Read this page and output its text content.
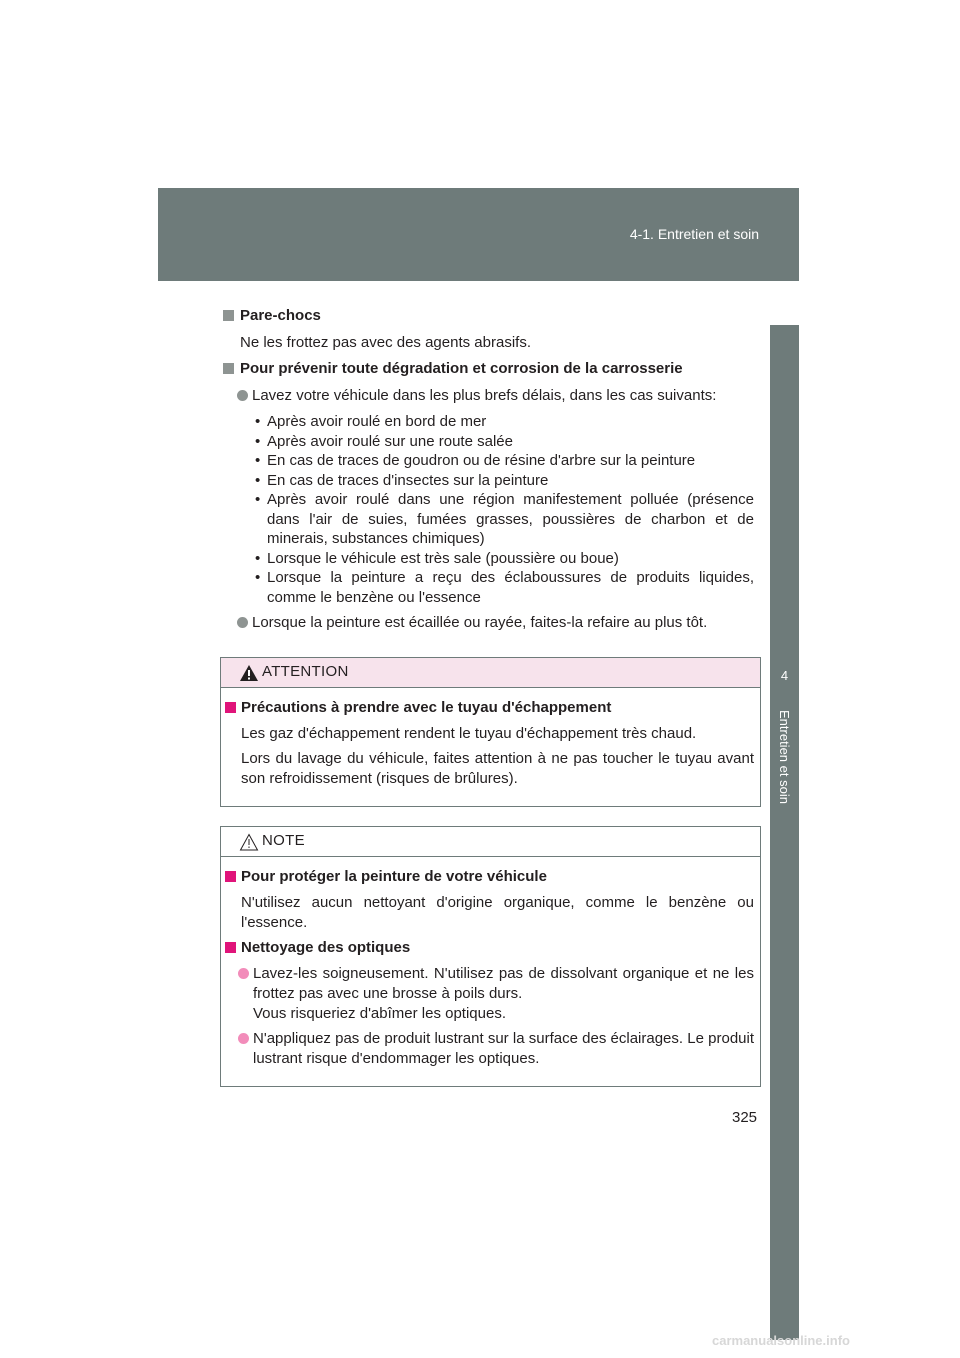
4-1. Entretien et soin
4
Entretien et soin
Pare-chocs
Ne les frottez pas avec des agents abrasifs.
Pour prévenir toute dégradation et corrosion de la carrosserie
Lavez votre véhicule dans les plus brefs délais, dans les cas suivants:
• Après avoir roulé en bord de mer
• Après avoir roulé sur une route salée
• En cas de traces de goudron ou de résine d'arbre sur la peinture
• En cas de traces d'insectes sur la peinture
• Après avoir roulé dans une région manifestement polluée (présence dans l'air de suies, fumées grasses, poussières de charbon et de minerais, substances chimiques)
• Lorsque le véhicule est très sale (poussière ou boue)
• Lorsque la peinture a reçu des éclaboussures de produits liquides, comme le benzène ou l'essence
Lorsque la peinture est écaillée ou rayée, faites-la refaire au plus tôt.
ATTENTION
Précautions à prendre avec le tuyau d'échappement
Les gaz d'échappement rendent le tuyau d'échappement très chaud.
Lors du lavage du véhicule, faites attention à ne pas toucher le tuyau avant son refroidissement (risques de brûlures).
NOTE
Pour protéger la peinture de votre véhicule
N'utilisez aucun nettoyant d'origine organique, comme le benzène ou l'essence.
Nettoyage des optiques
Lavez-les soigneusement. N'utilisez pas de dissolvant organique et ne les frottez pas avec une brosse à poils durs.
Vous risqueriez d'abîmer les optiques.
N'appliquez pas de produit lustrant sur la surface des éclairages. Le produit lustrant risque d'endommager les optiques.
325
carmanualsonline.info
